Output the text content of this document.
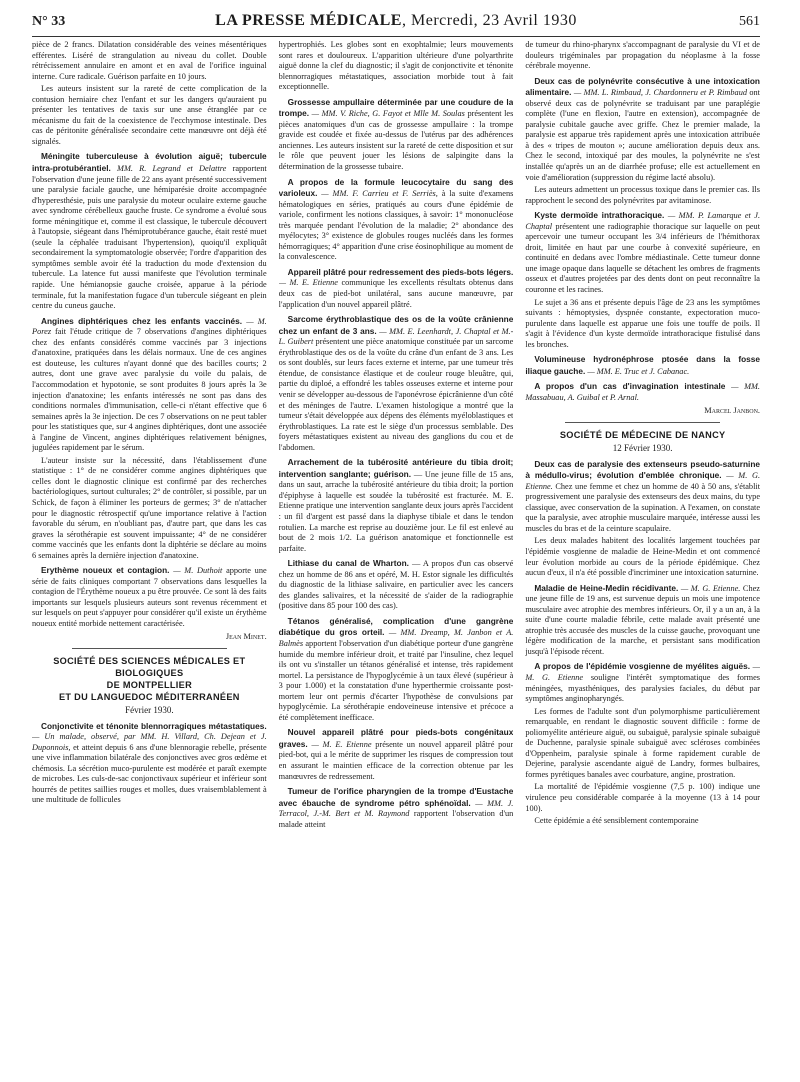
N° 33	LA PRESSE MÉDICALE, Mercredi, 23 Avril 1930	561

pièce de 2 francs. Dilatation considérable des veines mésentériques efférentes. Liséré de strangulation au niveau du collet. Double rétrécissement annulaire en amont et en aval de l'orifice inguinal interne. Cure radicale. Guérison parfaite en 10 jours.

Les auteurs insistent sur la rareté de cette complication de la contusion herniaire chez l'enfant et sur les dangers qu'auraient pu présenter les tentatives de taxis sur une anse étranglée par ce mécanisme du fait de la coexistence de l'ecchymose intestinale. Des cas de péritonite généralisée secondaire cette manœuvre ont déjà été signalés.

Méningite tuberculeuse à évolution aiguë; tubercule intra-protubérantiel. MM. R. Legrand et Delattre rapportent l'observation d'une jeune fille de 22 ans ayant présenté successivement une paralysie faciale gauche, une hémiparésie droite accompagnée d'hyperesthésie, puis une paralysie du moteur oculaire externe gauche avec syndrome cérébelleux gauche fruste. Ce syndrome a évolué sous forme méningitique et, comme il est classique, le tubercule découvert à l'autopsie, siégeant dans l'hémiprotubérance gauche, était resté muet (seule la céphalée traduisant l'hypertension), quoiqu'il expliquât secondairement la symptomatologie observée; l'ordre d'apparition des symptômes semble avoir été la traduction du mode d'extension du tubercule. La latence fut aussi manifeste que l'évolution terminale rapide. Une hémianopsie gauche croisée, apparue à la période terminale, fut la manifestation fugace d'un tubercule siégeant en plein centre du cuneus gauche.

Angines diphtériques chez les enfants vaccinés. — M. Porez fait l'étude critique de 7 observations d'angines diphtériques chez des enfants considérés comme vaccinés par 3 injections d'anatoxine, pratiquées dans les délais normaux. Une de ces angines est douteuse, les cultures n'ayant donné que des bacilles courts; 2 autres, dont une grave avec paralysie du voile du palais, de l'accommodation et hypotonie, se sont produites 8 jours après la 3e injection d'anatoxine; les enfants intéressés ne sont pas dans des conditions normales d'immunisation, celle-ci n'étant effective que 6 semaines après la 3e injection. De ces 7 observations on ne peut tabler pour les statistiques que, sur 4 angines diphtériques, dont une associée à l'angine de Vincent, angines diphtériques relativement bénignes, jugulées rapidement par le sérum.

L'auteur insiste sur la nécessité, dans l'établissement d'une statistique : 1° de ne considérer comme angines diphtériques que celles dont le diagnostic clinique est confirmé par des recherches bactériologiques, surtout culturales; 2° de contrôler, si possible, par un Schick, de façon à éliminer les porteurs de germes; 3° de n'attacher pour le diagnostic rétrospectif qu'une importance relative à l'action favorable du sérum, en n'oubliant pas, d'autre part, que dans les cas graves la sérothérapie est souvent impuissante; 4° de ne considérer comme vaccinés que les enfants dont la diphtérie se déclare au moins 6 semaines après la dernière injection d'anatoxine.

Erythème noueux et contagion. — M. Duthoit apporte une série de faits cliniques comportant 7 observations dans lesquelles la contagion de l'Érythème noueux a pu être prouvée. Ce sont là des faits importants sur lesquels plusieurs auteurs sont revenus récemment et sur lesquels on peut s'appuyer pour considérer qu'il existe un érythème noueux entité morbide nettement caractérisée.

Jean Minet.

SOCIÉTÉ DES SCIENCES MÉDICALES ET BIOLOGIQUES
DE MONTPELLIER
ET DU LANGUEDOC MÉDITERRANÉEN
Février 1930.

Conjonctivite et ténonite blennorragiques métastatiques. — Un malade, observé, par MM. H. Villard, Ch. Dejean et J. Duponnois, et atteint depuis 6 ans d'une blennoragie rebelle, présente une vive inflammation bilatérale des conjonctives avec gros œdème et chémosis. La sécrétion muco-purulente est modérée et paraît exempte de microbes. Les culs-de-sac conjonctivaux supérieur et inférieur sont hourrés de petites saillies rouges et molles, dues vraisemblablement à une multitude de follicules

hypertrophiés. Les globes sont en exophtalmie; leurs mouvements sont rares et douloureux. L'apparition ultérieure d'une polyarthrite aiguë donne la clef du diagnostic; il s'agit de conjonctivite et ténonite blennorragiques métastatiques, association morbide tout à fait exceptionnelle.

Grossesse ampullaire déterminée par une coudure de la trompe. — MM. V. Riche, G. Fayot et Mlle M. Soulas présentent les pièces anatomiques d'un cas de grossesse ampullaire : la trompe gravide est coudée et fixée au-dessus de l'utérus par des adhérences anciennes. Les auteurs insistent sur la rareté de cette disposition et sur le rôle que peuvent jouer les lésions de salpingite dans la détermination de la grossesse tubaire.

A propos de la formule leucocytaire du sang des varioleux. — MM. F. Carrieu et F. Serriès, à la suite d'examens hématologiques en séries, pratiqués au cours d'une épidémie de variole, confirment les notions classiques, à savoir: 1° mononucléose très marquée pendant l'évolution de la maladie; 2° abondance des myélocytes; 3° existence de globules rouges nucléés dans les formes hémorragiques; 4° apparition d'une crise éosinophilique au moment de la convalescence.

Appareil plâtré pour redressement des pieds-bots légers. — M. E. Etienne communique les excellents résultats obtenus dans deux cas de pied-bot unilatéral, sans aucune manœuvre, par l'application d'un nouvel appareil plâtré.

Sarcome érythroblastique des os de la voûte crânienne chez un enfant de 3 ans. — MM. E. Leenhardt, J. Chaptal et M.-L. Guibert présentent une pièce anatomique constituée par un sarcome érythroblastique des os de la voûte du crâne d'un enfant de 3 ans. Les os sont doublés, sur leurs faces externe et interne, par une tumeur très étendue, de consistance élastique et de couleur rouge bleuâtre, qui, partie du diploé, a effondré les tables osseuses externe et interne pour venir se développer au-dessous de l'aponévrose épicrânienne d'un côté et des méninges de l'autre. L'examen histologique a montré que la tumeur s'était développée aux dépens des éléments myéloblastiques et érythroblastiques. La rate est le siège d'un processus semblable. Des foyers métastatiques existent au niveau des ganglions du cou et de l'abdomen.

Arrachement de la tubérosité antérieure du tibia droit; intervention sanglante; guérison. — Une jeune fille de 15 ans, dans un saut, arrache la tubérosité antérieure du tibia droit; la portion d'épiphyse à laquelle est soudée la tubérosité est fracturée. M. E. Etienne pratique une intervention sanglante deux jours après l'accident : un fil d'argent est passé dans la diaphyse tibiale et dans le tendon rotulien. La marche est reprise au douzième jour. Le fil est enlevé au bout de 2 mois 1/2. La guérison anatomique et fonctionnelle est parfaite.

Lithiase du canal de Wharton. — A propos d'un cas observé chez un homme de 86 ans et opéré, M. H. Estor signale les difficultés du diagnostic de la lithiase salivaire, en particulier avec les cancers des glandes salivaires, et la nécessité de s'aider de la radiographie (positive dans 85 pour 100 des cas).

Tétanos généralisé, complication d'une gangrène diabétique du gros orteil. — MM. Dreamp, M. Janbon et A. Balmès apportent l'observation d'un diabétique porteur d'une gangrène humide du membre inférieur droit, et traité par l'insuline, chez lequel ils ont vu s'installer un tétanos généralisé et intense, très rapidement mortel. La persistance de l'hypoglycémie à un taux élevé (supérieur à 3 pour 1.000) et la constatation d'une hyperthermie croissante post-mortem leur ont permis d'écarter l'hypothèse de convulsions par hypoglycémie. La sérothérapie endoveineuse intensive et précoce a été complètement inefficace.

Nouvel appareil plâtré pour pieds-bots congénitaux graves. — M. E. Etienne présente un nouvel appareil plâtré pour pied-bot, qui a le mérite de supprimer les risques de compression tout en assurant le maintien efficace de la correction obtenue par les manœuvres de redressement.

Tumeur de l'orifice pharyngien de la trompe d'Eustache avec ébauche de syndrome pétro sphénoïdal. — MM. J. Terracol, J.-M. Bert et M. Raymond rapportent l'observation d'un malade atteint

de tumeur du rhino-pharynx s'accompagnant de paralysie du VI et de douleurs trigéminales par propagation du néoplasme à la fosse cérébrale moyenne.

Deux cas de polynévrite consécutive à une intoxication alimentaire. — MM. L. Rimbaud, J. Chardonneru et P. Rimbaud ont observé deux cas de polynévrite se traduisant par une paraplégie complète (l'une en flexion, l'autre en extension), accompagnée de paralysie cubitale gauche avec griffe. Chez le premier malade, la paralysie est apparue très rapidement après une intoxication attribuée à des « tripes de mouton »; aucune amélioration depuis deux ans. Chez le second, intoxiqué par des moules, la polynévrite ne s'est installée qu'après un an de diarrhée profuse; elle est actuellement en voie d'amélioration (suppression du régime lacté absolu).

Les auteurs admettent un processus toxique dans le premier cas. Ils rapprochent le second des polynévrites par avitaminose.

Kyste dermoïde intrathoracique. — MM. P. Lamarque et J. Chaptal présentent une radiographie thoracique sur laquelle on peut apercevoir une tumeur occupant les 3/4 inférieurs de l'hémithorax droit, limitée en haut par une courbe à convexité supérieure, en continuité en dedans avec l'ombre médiastinale. Cette tumeur donne une image opaque dans laquelle se détachent les ombres de fragments osseux et d'autres projetées par des dents dont on peut reconnaître la couronne et les racines.

Le sujet a 36 ans et présente depuis l'âge de 23 ans les symptômes suivants : hémoptysies, dyspnée constante, expectoration muco-purulente dans laquelle est apparue une fois une touffe de poils. Il s'agit à l'évidence d'un kyste dermoïde intrathoracique fistulisé dans les bronches.

Volumineuse hydronéphrose ptosée dans la fosse iliaque gauche. — MM. E. Truc et J. Cabanac.

A propos d'un cas d'invagination intestinale — MM. Massabuau, A. Guibal et P. Arnal.

Marcel Janbon.

SOCIÉTÉ DE MÉDECINE DE NANCY
12 Février 1930.

Deux cas de paralysie des extenseurs pseudo-saturnine à médullo-virus; évolution d'emblée chronique. — M. G. Etienne. Chez une femme et chez un homme de 40 à 50 ans, s'établit progressivement une paralysie des extenseurs des deux mains, du type classique, avec conservation de la supination. A l'examen, on constate que la paralysie, avec atrophie musculaire marquée, intéresse aussi les muscles du bras et de la ceinture scapulaire.

Les deux malades habitent des localités largement touchées par l'épidémie vosgienne de maladie de Heine-Medin et ont commencé leur évolution morbide au cours de la période épidémique. Chez aucun d'eux, il n'a été possible d'incriminer une intoxication saturnine.

Maladie de Heine-Medin récidivante. — M. G. Etienne. Chez une jeune fille de 19 ans, est survenue depuis un mois une impotence musculaire avec atrophie des membres inférieurs. Or, il y a un an, à la suite d'une courte maladie fébrile, cette malade avait présenté une atrophie très accusée des muscles de la cuisse gauche, provoquant une légère modification de la marche, et persistant sans modification jusqu'à l'épisode récent.

A propos de l'épidémie vosgienne de myélites aiguës. — M. G. Etienne souligne l'intérêt symptomatique des formes méningées, myasthéniques, des paralysies faciales, du début par symptômes anginopharyngés.

Les formes de l'adulte sont d'un polymorphisme particulièrement remarquable, en rendant le diagnostic souvent difficile : forme de poliomyélite antérieure aiguë, ou subaiguë, paralysie spinale subaiguë de Duchenne, paralysie spinale subaiguë avec scléroses combinées d'Oppenheim, paralysie spinale à forme rapidement curable de Dejerine, paralysie ascendante aiguë de Landry, formes bulbaires, formes pyrétiques banales avec courbature, angine, prostration.

La mortalité de l'épidémie vosgienne (7,5 p. 100) indique une virulence peu considérable comparée à la moyenne (13 à 14 pour 100).

Cette épidémie a été sensiblement contemporaine
